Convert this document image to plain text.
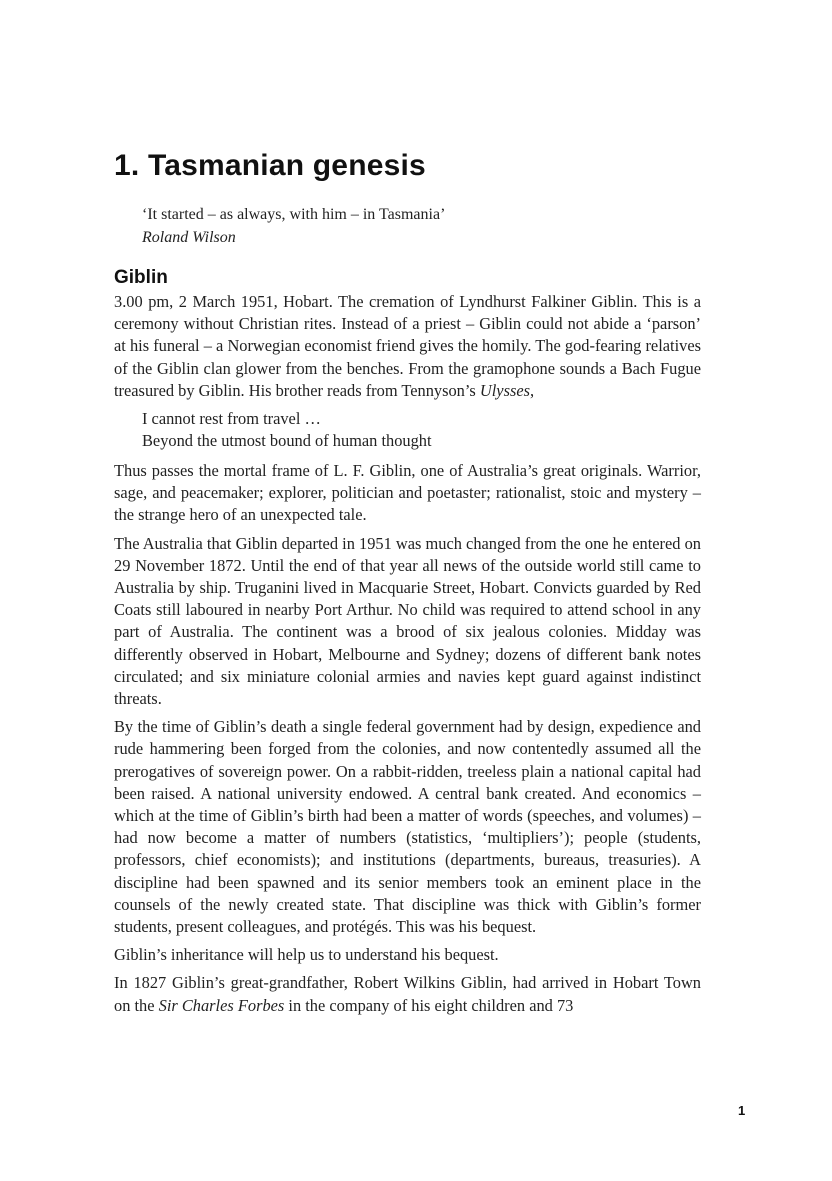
1. Tasmanian genesis
‘It started – as always, with him – in Tasmania’
Roland Wilson
Giblin

3.00 pm, 2 March 1951, Hobart. The cremation of Lyndhurst Falkiner Giblin. This is a ceremony without Christian rites. Instead of a priest – Giblin could not abide a ‘parson’ at his funeral – a Norwegian economist friend gives the homily. The god-fearing relatives of the Giblin clan glower from the benches. From the gramophone sounds a Bach Fugue treasured by Giblin. His brother reads from Tennyson’s Ulysses,

I cannot rest from travel …
Beyond the utmost bound of human thought

Thus passes the mortal frame of L. F. Giblin, one of Australia’s great originals. Warrior, sage, and peacemaker; explorer, politician and poetaster; rationalist, stoic and mystery – the strange hero of an unexpected tale.

The Australia that Giblin departed in 1951 was much changed from the one he entered on 29 November 1872. Until the end of that year all news of the outside world still came to Australia by ship. Truganini lived in Macquarie Street, Hobart. Convicts guarded by Red Coats still laboured in nearby Port Arthur. No child was required to attend school in any part of Australia. The continent was a brood of six jealous colonies. Midday was differently observed in Hobart, Melbourne and Sydney; dozens of different bank notes circulated; and six miniature colonial armies and navies kept guard against indistinct threats.

By the time of Giblin’s death a single federal government had by design, expedience and rude hammering been forged from the colonies, and now contentedly assumed all the prerogatives of sovereign power. On a rabbit-ridden, treeless plain a national capital had been raised. A national university endowed. A central bank created. And economics – which at the time of Giblin’s birth had been a matter of words (speeches, and volumes) – had now become a matter of numbers (statistics, ‘multipliers’); people (students, professors, chief economists); and institutions (departments, bureaus, treasuries). A discipline had been spawned and its senior members took an eminent place in the counsels of the newly created state. That discipline was thick with Giblin’s former students, present colleagues, and protégés. This was his bequest.

Giblin’s inheritance will help us to understand his bequest.

In 1827 Giblin’s great-grandfather, Robert Wilkins Giblin, had arrived in Hobart Town on the Sir Charles Forbes in the company of his eight children and 73

1
